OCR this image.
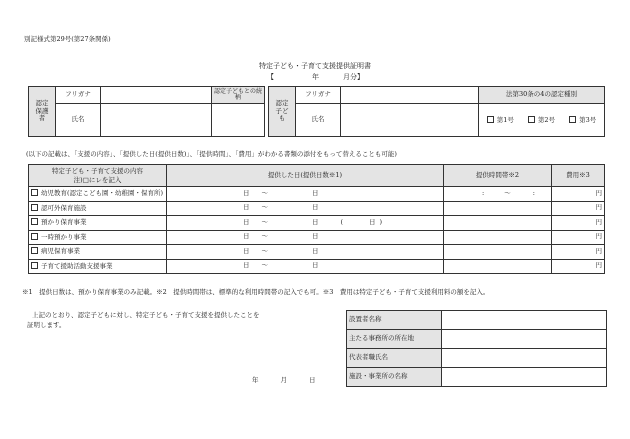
別記様式第29号(第27条関係)
特定子ども・子育て支援提供証明書
【	年	月分】
認定保護者	フリガナ		認定子どもとの続柄
	氏名		
認定子ども	フリガナ		法第30条の4の認定種別
	氏名		第1号 第2号 第3号
(以下の記載は、「支援の内容」、「提供した日(提供日数)」、「提供時間」、「費用」がわかる書類の添付をもって替えることも可能)
特定子ども・子育て支援の内容
注)□にレを記入	提供した日(提供日数※1)	提供時間帯※2	費用※3
幼児教育(認定こども園・幼稚園・保育所)	日 ～ 日	: ～ :	円
認可外保育施設	日 ～ 日		円
預かり保育事業	日 ～ 日 ( 日 )		円
一時預かり事業	日 ～ 日		円
病児保育事業	日 ～ 日		円
子育て援助活動支援事業	日 ～ 日		円
※1　提供日数は、預かり保育事業のみ記載。※2　提供時間帯は、標準的な利用時間帯の記入でも可。※3　費用は特定子ども・子育て支援利用料の額を記入。
上記のとおり、認定子どもに対し、特定子ども・子育て支援を提供したことを
証明します。
年	月	日
設置者名称	
主たる事務所の所在地	
代表者職氏名	
施設・事業所の名称	
